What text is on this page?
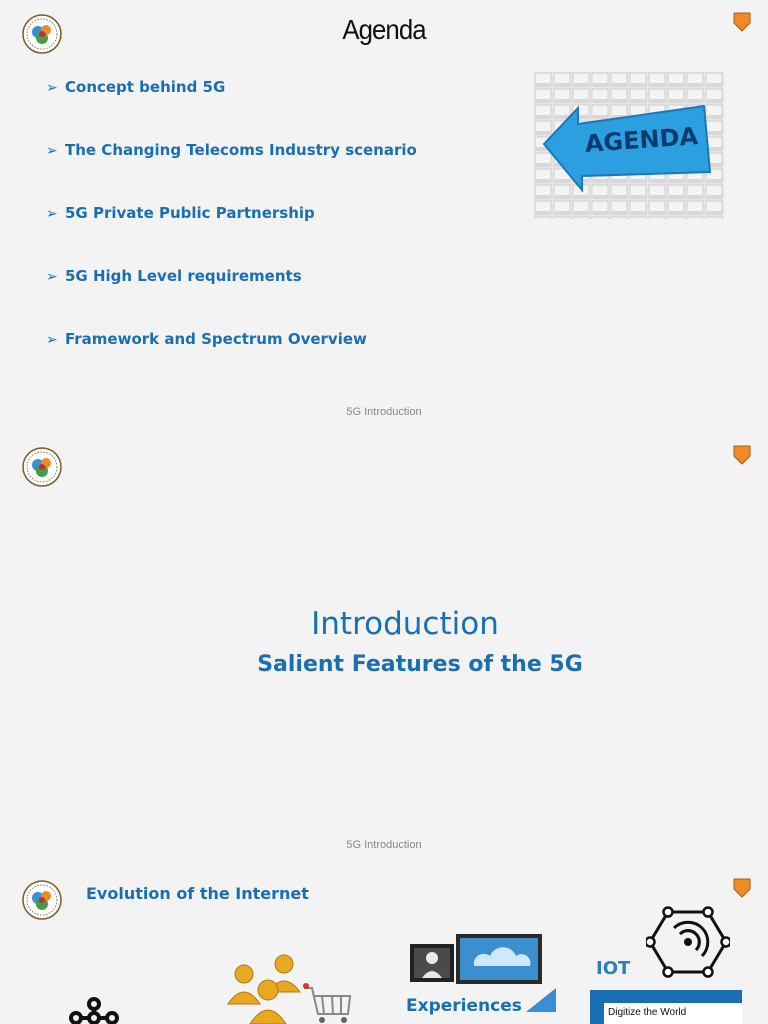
Agenda
➢ Concept behind 5G
➢ The Changing Telecoms Industry scenario
➢ 5G Private Public Partnership
➢ 5G High Level requirements
➢ Framework and Spectrum Overview
AGENDA
5G Introduction
Introduction
Salient Features of the 5G
5G Introduction
Evolution of the Internet
IOT
Digitize the World
Experiences
